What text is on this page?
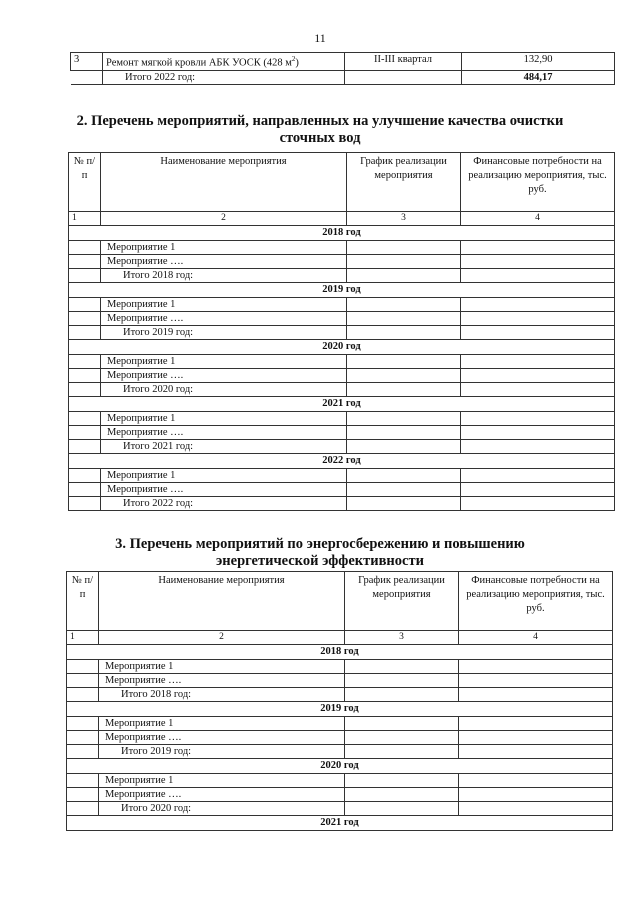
11
3	Ремонт мягкой кровли АБК УОСК (428 $м^2$)	II-III квартал	132,90
	Итого 2022 год:		484,17
2. Перечень мероприятий, направленных на улучшение качества очистки
сточных вод
№ п/п	Наименование мероприятия	График реализации мероприятия	Финансовые потребности на реализацию мероприятия, тыс. руб.
1	2	3	4
2018 год			
	Мероприятие 1		
	Мероприятие ….		
	Итого 2018 год:		
2019 год			
	Мероприятие 1		
	Мероприятие ….		
	Итого 2019 год:		
2020 год			
	Мероприятие 1		
	Мероприятие ….		
	Итого 2020 год:		
2021 год			
	Мероприятие 1		
	Мероприятие ….		
	Итого 2021 год:		
2022 год			
	Мероприятие 1		
	Мероприятие ….		
	Итого 2022 год:		
3. Перечень мероприятий по энергосбережению и повышению
энергетической эффективности
№ п/п	Наименование мероприятия	График реализации мероприятия	Финансовые потребности на реализацию мероприятия, тыс. руб.
1	2	3	4
2018 год			
	Мероприятие 1		
	Мероприятие ….		
	Итого 2018 год:		
2019 год			
	Мероприятие 1		
	Мероприятие ….		
	Итого 2019 год:		
2020 год			
	Мероприятие 1		
	Мероприятие ….		
	Итого 2020 год:		
2021 год			
